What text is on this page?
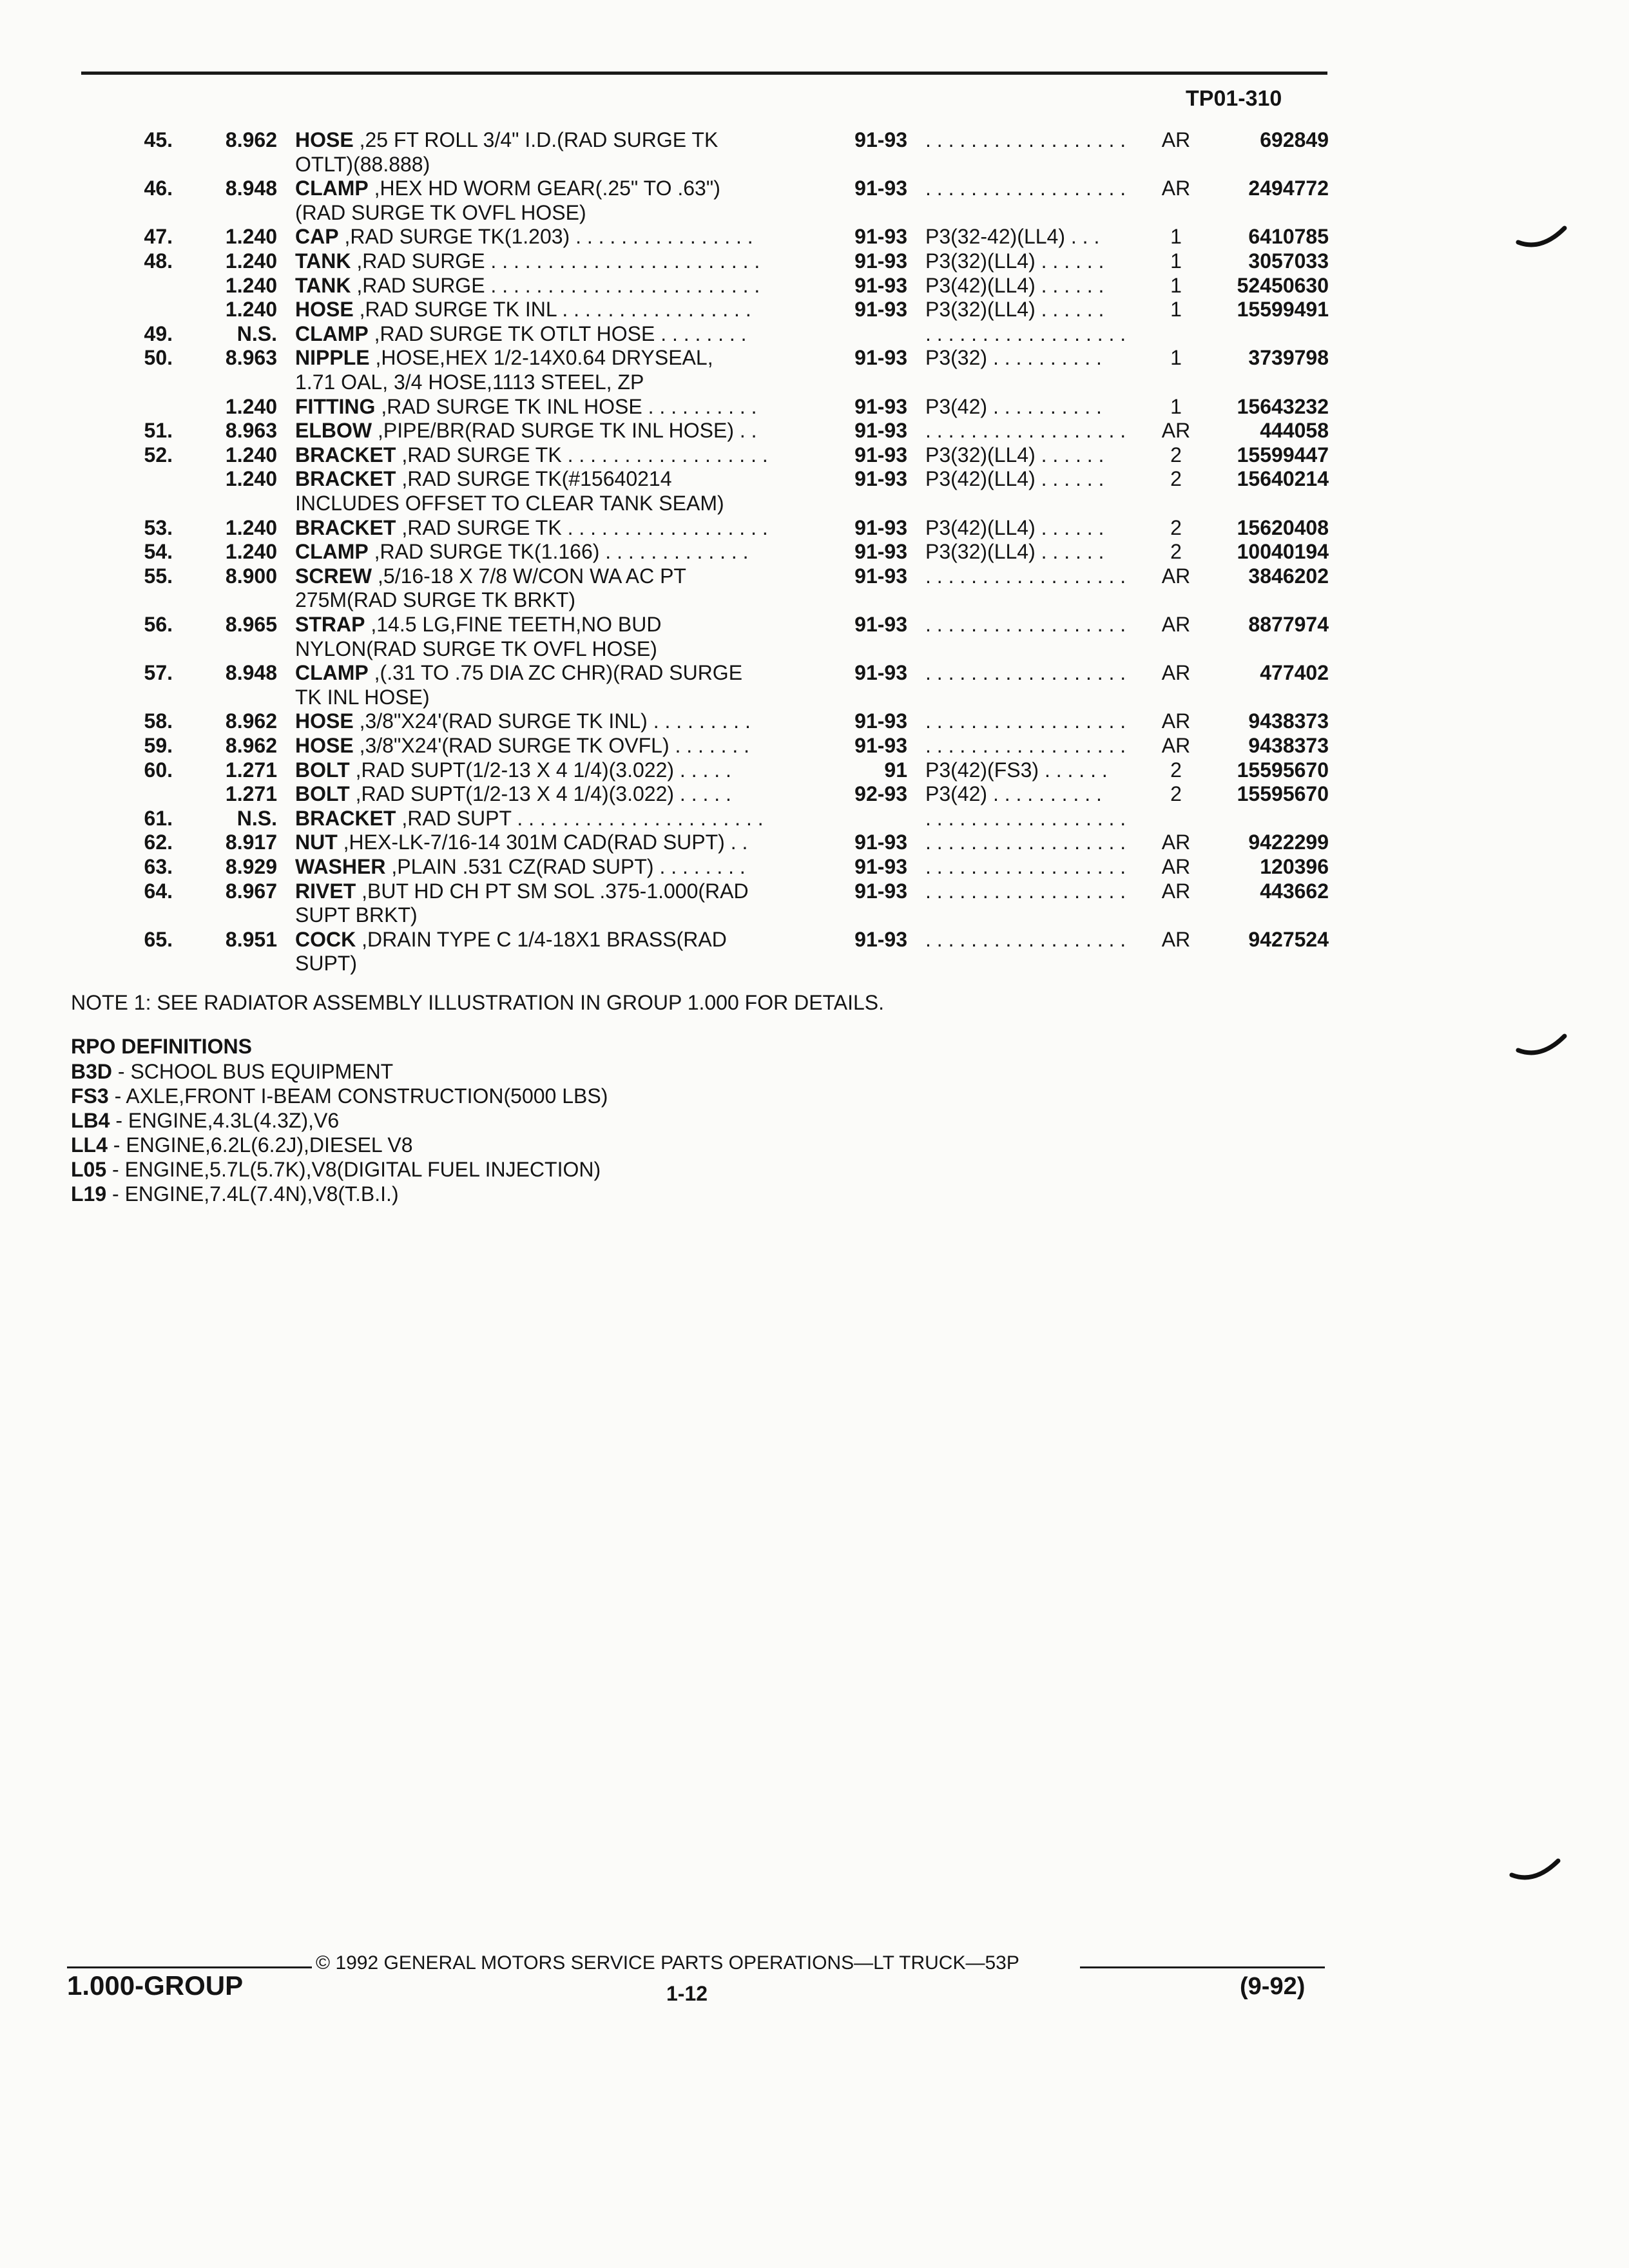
TP01-310
45.	8.962 HOSE ,25 FT ROLL 3/4" I.D.(RAD SURGE TK	91-93 . . . . . . . . . . . . . . . . . .	AR	692849
OTLT)(88.888)
46.	8.948 CLAMP ,HEX HD WORM GEAR(.25" TO .63")	91-93 . . . . . . . . . . . . . . . . . .	AR	2494772
(RAD SURGE TK OVFL HOSE)
47.	1.240 CAP ,RAD SURGE TK(1.203) . . . . . . . . . . . . . . . .	91-93 P3(32-42)(LL4) . . .	1	6410785
48.	1.240 TANK ,RAD SURGE . . . . . . . . . . . . . . . . . . . . . . . .	91-93 P3(32)(LL4) . . . . . .	1	3057033
1.240 TANK ,RAD SURGE . . . . . . . . . . . . . . . . . . . . . . . .	91-93 P3(42)(LL4) . . . . . .	1	52450630
1.240 HOSE ,RAD SURGE TK INL . . . . . . . . . . . . . . . . .	91-93 P3(32)(LL4) . . . . . .	1	15599491
49.	N.S. CLAMP ,RAD SURGE TK OTLT HOSE . . . . . . . .	. . . . . . . . . . . . . . . . . .
50.	8.963 NIPPLE ,HOSE,HEX 1/2-14X0.64 DRYSEAL,	91-93 P3(32) . . . . . . . . . .	1	3739798
1.71 OAL, 3/4 HOSE,1113 STEEL, ZP
1.240 FITTING ,RAD SURGE TK INL HOSE . . . . . . . . . .	91-93 P3(42) . . . . . . . . . .	1	15643232
51.	8.963 ELBOW ,PIPE/BR(RAD SURGE TK INL HOSE) . .	91-93 . . . . . . . . . . . . . . . . . .	AR	444058
52.	1.240 BRACKET ,RAD SURGE TK . . . . . . . . . . . . . . . . . .	91-93 P3(32)(LL4) . . . . . .	2	15599447
1.240 BRACKET ,RAD SURGE TK(#15640214	91-93 P3(42)(LL4) . . . . . .	2	15640214
INCLUDES OFFSET TO CLEAR TANK SEAM)
53.	1.240 BRACKET ,RAD SURGE TK . . . . . . . . . . . . . . . . . .	91-93 P3(42)(LL4) . . . . . .	2	15620408
54.	1.240 CLAMP ,RAD SURGE TK(1.166) . . . . . . . . . . . . .	91-93 P3(32)(LL4) . . . . . .	2	10040194
55.	8.900 SCREW ,5/16-18 X 7/8 W/CON WA AC PT	91-93 . . . . . . . . . . . . . . . . . .	AR	3846202
275M(RAD SURGE TK BRKT)
56.	8.965 STRAP ,14.5 LG,FINE TEETH,NO BUD	91-93 . . . . . . . . . . . . . . . . . .	AR	8877974
NYLON(RAD SURGE TK OVFL HOSE)
57.	8.948 CLAMP ,(.31 TO .75 DIA ZC CHR)(RAD SURGE	91-93 . . . . . . . . . . . . . . . . . .	AR	477402
TK INL HOSE)
58.	8.962 HOSE ,3/8"X24'(RAD SURGE TK INL) . . . . . . . . .	91-93 . . . . . . . . . . . . . . . . . .	AR	9438373
59.	8.962 HOSE ,3/8"X24'(RAD SURGE TK OVFL) . . . . . . .	91-93 . . . . . . . . . . . . . . . . . .	AR	9438373
60.	1.271 BOLT ,RAD SUPT(1/2-13 X 4 1/4)(3.022) . . . . .	91 P3(42)(FS3) . . . . . .	2	15595670
1.271 BOLT ,RAD SUPT(1/2-13 X 4 1/4)(3.022) . . . . .	92-93 P3(42) . . . . . . . . . .	2	15595670
61.	N.S. BRACKET ,RAD SUPT . . . . . . . . . . . . . . . . . . . . . .	. . . . . . . . . . . . . . . . . .
62.	8.917 NUT ,HEX-LK-7/16-14 301M CAD(RAD SUPT) . .	91-93 . . . . . . . . . . . . . . . . . .	AR	9422299
63.	8.929 WASHER ,PLAIN .531 CZ(RAD SUPT) . . . . . . . .	91-93 . . . . . . . . . . . . . . . . . .	AR	120396
64.	8.967 RIVET ,BUT HD CH PT SM SOL .375-1.000(RAD	91-93 . . . . . . . . . . . . . . . . . .	AR	443662
SUPT BRKT)
65.	8.951 COCK ,DRAIN TYPE C 1/4-18X1 BRASS(RAD	91-93 . . . . . . . . . . . . . . . . . .	AR	9427524
SUPT)
NOTE 1: SEE RADIATOR ASSEMBLY ILLUSTRATION IN GROUP 1.000 FOR DETAILS.
RPO DEFINITIONS
B3D - SCHOOL BUS EQUIPMENT
FS3 - AXLE,FRONT I-BEAM CONSTRUCTION(5000 LBS)
LB4 - ENGINE,4.3L(4.3Z),V6
LL4 - ENGINE,6.2L(6.2J),DIESEL V8
L05 - ENGINE,5.7L(5.7K),V8(DIGITAL FUEL INJECTION)
L19 - ENGINE,7.4L(7.4N),V8(T.B.I.)
© 1992 GENERAL MOTORS SERVICE PARTS OPERATIONS—LT TRUCK—53P
1.000-GROUP	1-12	(9-92)
